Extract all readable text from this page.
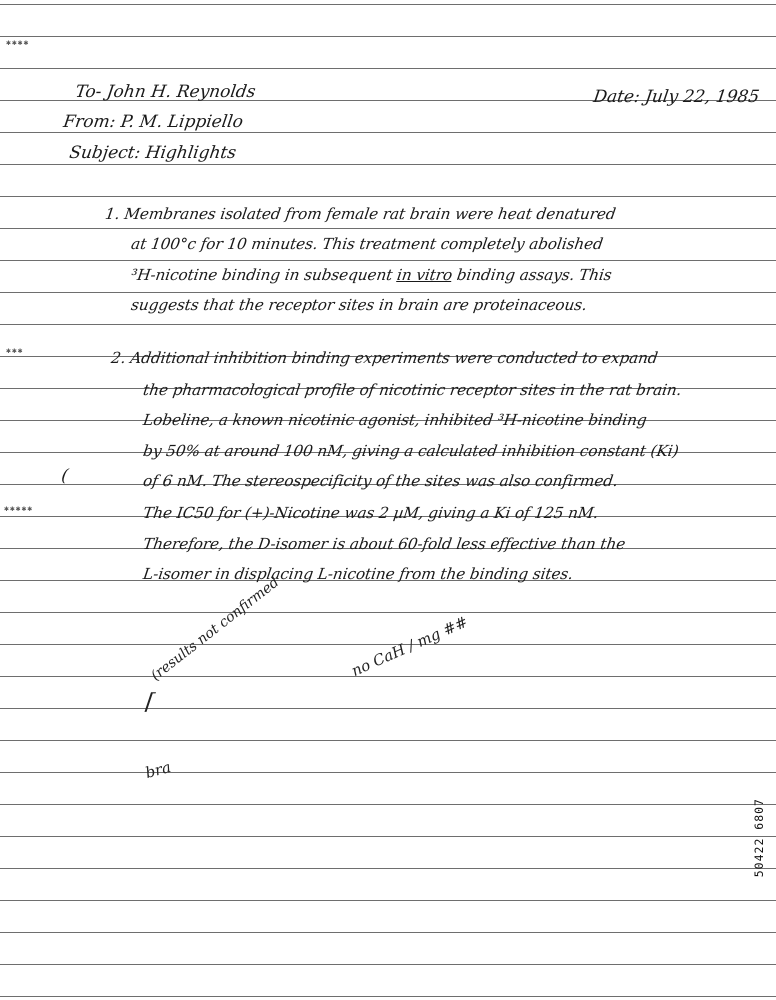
✱✱✱✱
✱✱✱
✱✱✱✱✱
To- John H. Reynolds	Date: July 22, 1985
From: P. M. Lippiello
Subject: Highlights
1. Membranes isolated from female rat brain were heat denatured
at 100°c for 10 minutes. This treatment completely abolished
³H-nicotine binding in subsequent in vitro binding assays. This
suggests that the receptor sites in brain are proteinaceous.
2. Additional inhibition binding experiments were conducted to expand
the pharmacological profile of nicotinic receptor sites in the rat brain.
Lobeline, a known nicotinic agonist, inhibited ³H-nicotine binding
by 50% at around 100 nM, giving a calculated inhibition constant (Ki)
of 6 nM. The stereospecificity of the sites was also confirmed.
The IC50 for (+)-Nicotine was 2 µM, giving a Ki of 125 nM.
Therefore, the D-isomer is about 60-fold less effective than the
L-isomer in displacing L-nicotine from the binding sites.
(
(results not confirmed	no CaH / mg ##
⌈
bra
50422 6807
